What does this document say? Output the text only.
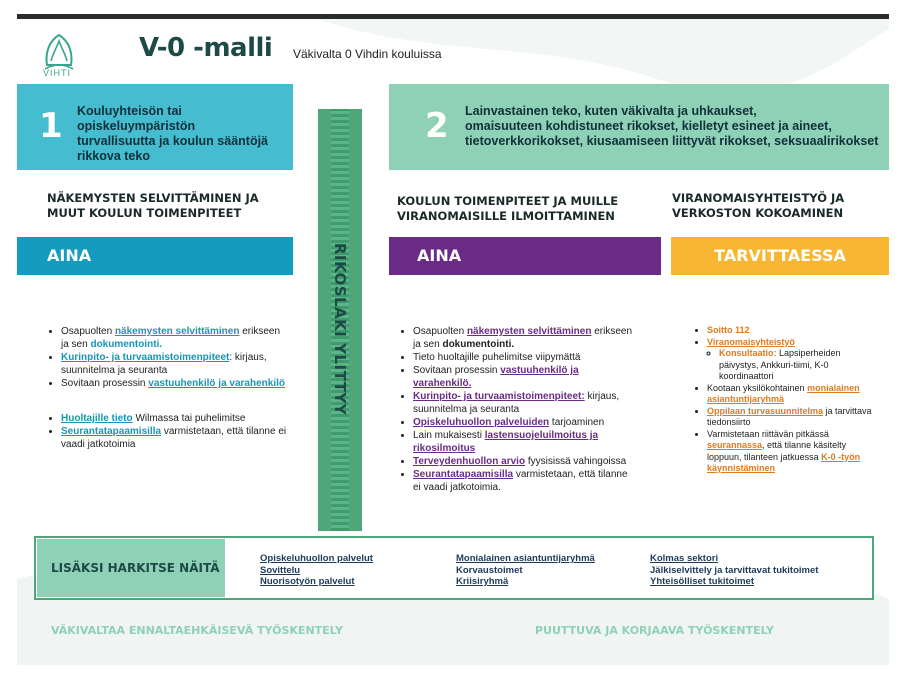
VIHTI
V-0 -malli Väkivalta 0 Vihdin kouluissa
1 Kouluyhteisön tai opiskeluympäristön
turvallisuutta ja koulun sääntöjä
rikkova teko
2 Lainvastainen teko, kuten väkivalta ja uhkaukset,
omaisuuteen kohdistuneet rikokset, kielletyt esineet ja aineet,
tietoverkkorikokset, kiusaamiseen liittyvät rikokset, seksuaalirikokset
RIKOSLAKI YLITTYY
NÄKEMYSTEN SELVITTÄMINEN JA
MUUT KOULUN TOIMENPITEET
KOULUN TOIMENPITEET JA MUILLE
VIRANOMAISILLE ILMOITTAMINEN
VIRANOMAISYHTEISTYÖ JA
VERKOSTON KOKOAMINEN
AINA	AINA	TARVITTAESSA
• Osapuolten näkemysten selvittäminen erikseen ja sen dokumentointi.
• Kurinpito- ja turvaamistoimenpiteet: kirjaus, suunnitelma ja seuranta
• Sovitaan prosessin vastuuhenkilö ja varahenkilö
• Huoltajille tieto Wilmassa tai puhelimitse
• Seurantatapaamisilla varmistetaan, että tilanne ei vaadi jatkotoimia
• Osapuolten näkemysten selvittäminen erikseen ja sen dokumentointi.
• Tieto huoltajille puhelimitse viipymättä
• Sovitaan prosessin vastuuhenkilö ja varahenkilö.
• Kurinpito- ja turvaamistoimenpiteet: kirjaus, suunnitelma ja seuranta
• Opiskeluhuollon palveluiden tarjoaminen
• Lain mukaisesti lastensuojeluilmoitus ja rikosilmoitus
• Terveydenhuollon arvio fyysisissä vahingoissa
• Seurantatapaamisilla varmistetaan, että tilanne ei vaadi jatkotoimia.
• Soitto 112
• Viranomaisyhteistyö
◦ Konsultaatio: Lapsiperheiden päivystys, Ankkuri-tiimi, K-0 koordinaattori
• Kootaan yksilökohtainen monialainen asiantuntijaryhmä
• Oppilaan turvasuunnitelma ja tarvittava tiedonsiirto
• Varmistetaan riittävän pitkässä seurannassa, että tilanne käsitelty loppuun, tilanteen jatkuessa K-0 -työn käynnistäminen
LISÄKSI HARKITSE NÄITÄ
Opiskeluhuollon palvelut
Sovittelu
Nuorisotyön palvelut
Monialainen asiantuntijaryhmä
Korvaustoimet
Kriisiryhmä
Kolmas sektori
Jälkiselvittely ja tarvittavat tukitoimet
Yhteisölliset tukitoimet
VÄKIVALTAA ENNALTAEHKÄISEVÄ TYÖSKENTELY	PUUTTUVA JA KORJAAVA TYÖSKENTELY
